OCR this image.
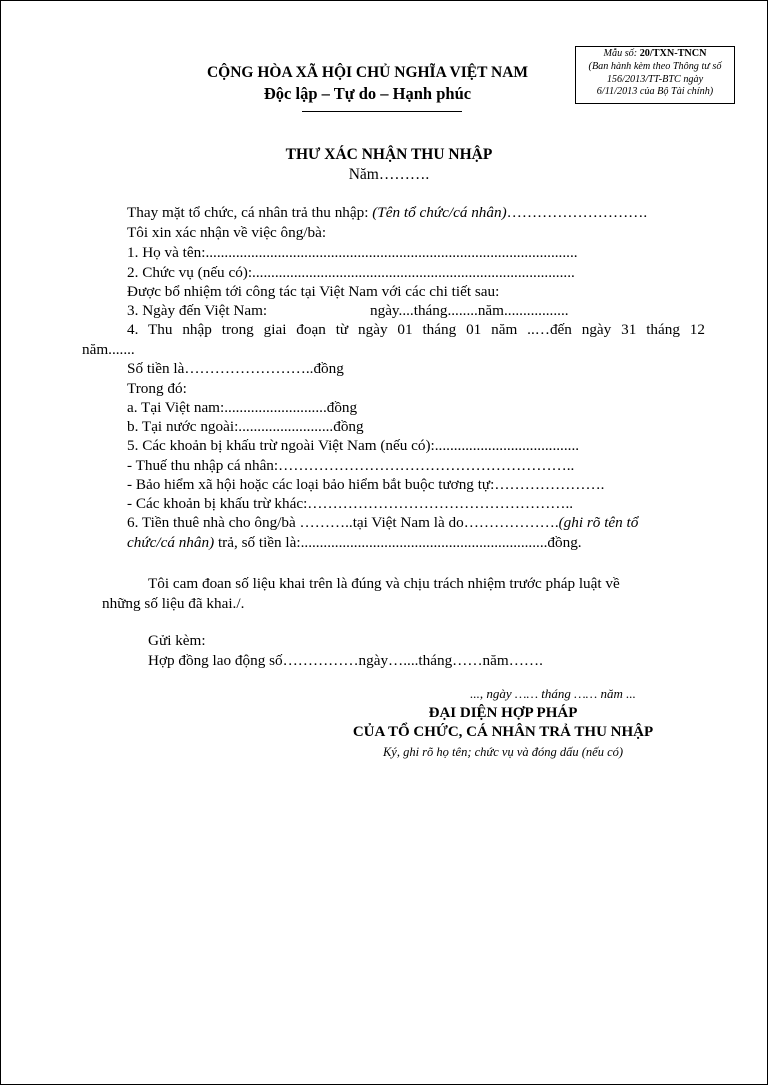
Mẫu số: 20/TXN-TNCN
(Ban hành kèm theo Thông tư số
156/2013/TT-BTC ngày
6/11/2013 của Bộ Tài chính)
CỘNG HÒA XÃ HỘI CHỦ NGHĨA VIỆT NAM
Độc lập – Tự do – Hạnh phúc
THƯ XÁC NHẬN THU NHẬP
Năm……….
Thay mặt tổ chức, cá nhân trả thu nhập: (Tên tổ chức/cá nhân)……………………….
Tôi xin xác nhận về việc ông/bà:
1. Họ và tên:..................................................................................................
2. Chức vụ (nếu có):.....................................................................................
Được bổ nhiệm tới công tác tại Việt Nam với các chi tiết sau:
3. Ngày đến Việt Nam:	ngày....tháng........năm.................
4. Thu nhập trong giai đoạn từ ngày 01 tháng 01 năm ..…đến ngày 31 tháng 12
năm.......
Số tiền là……………………..đồng
Trong đó:
a. Tại Việt nam:...........................đồng
b. Tại nước ngoài:.........................đồng
5. Các khoản bị khấu trừ ngoài Việt Nam (nếu có):......................................
- Thuế thu nhập cá nhân:…………………………………………………..
- Bảo hiểm xã hội hoặc các loại bảo hiểm bắt buộc tương tự:………………….
- Các khoản bị khấu trừ khác:……………………………………………..
6. Tiền thuê nhà cho ông/bà ………..tại Việt Nam là do……………….(ghi rõ tên tổ
chức/cá nhân) trả, số tiền là:.................................................................đồng.
Tôi cam đoan số liệu khai trên là đúng và chịu trách nhiệm trước pháp luật về
những số liệu đã khai./.
Gửi kèm:
Hợp đồng lao động số……………ngày…....tháng……năm…….
..., ngày …… tháng …… năm ...
ĐẠI DIỆN HỢP PHÁP
CỦA TỔ CHỨC, CÁ NHÂN TRẢ THU NHẬP
Ký, ghi rõ họ tên; chức vụ và đóng dấu (nếu có)
